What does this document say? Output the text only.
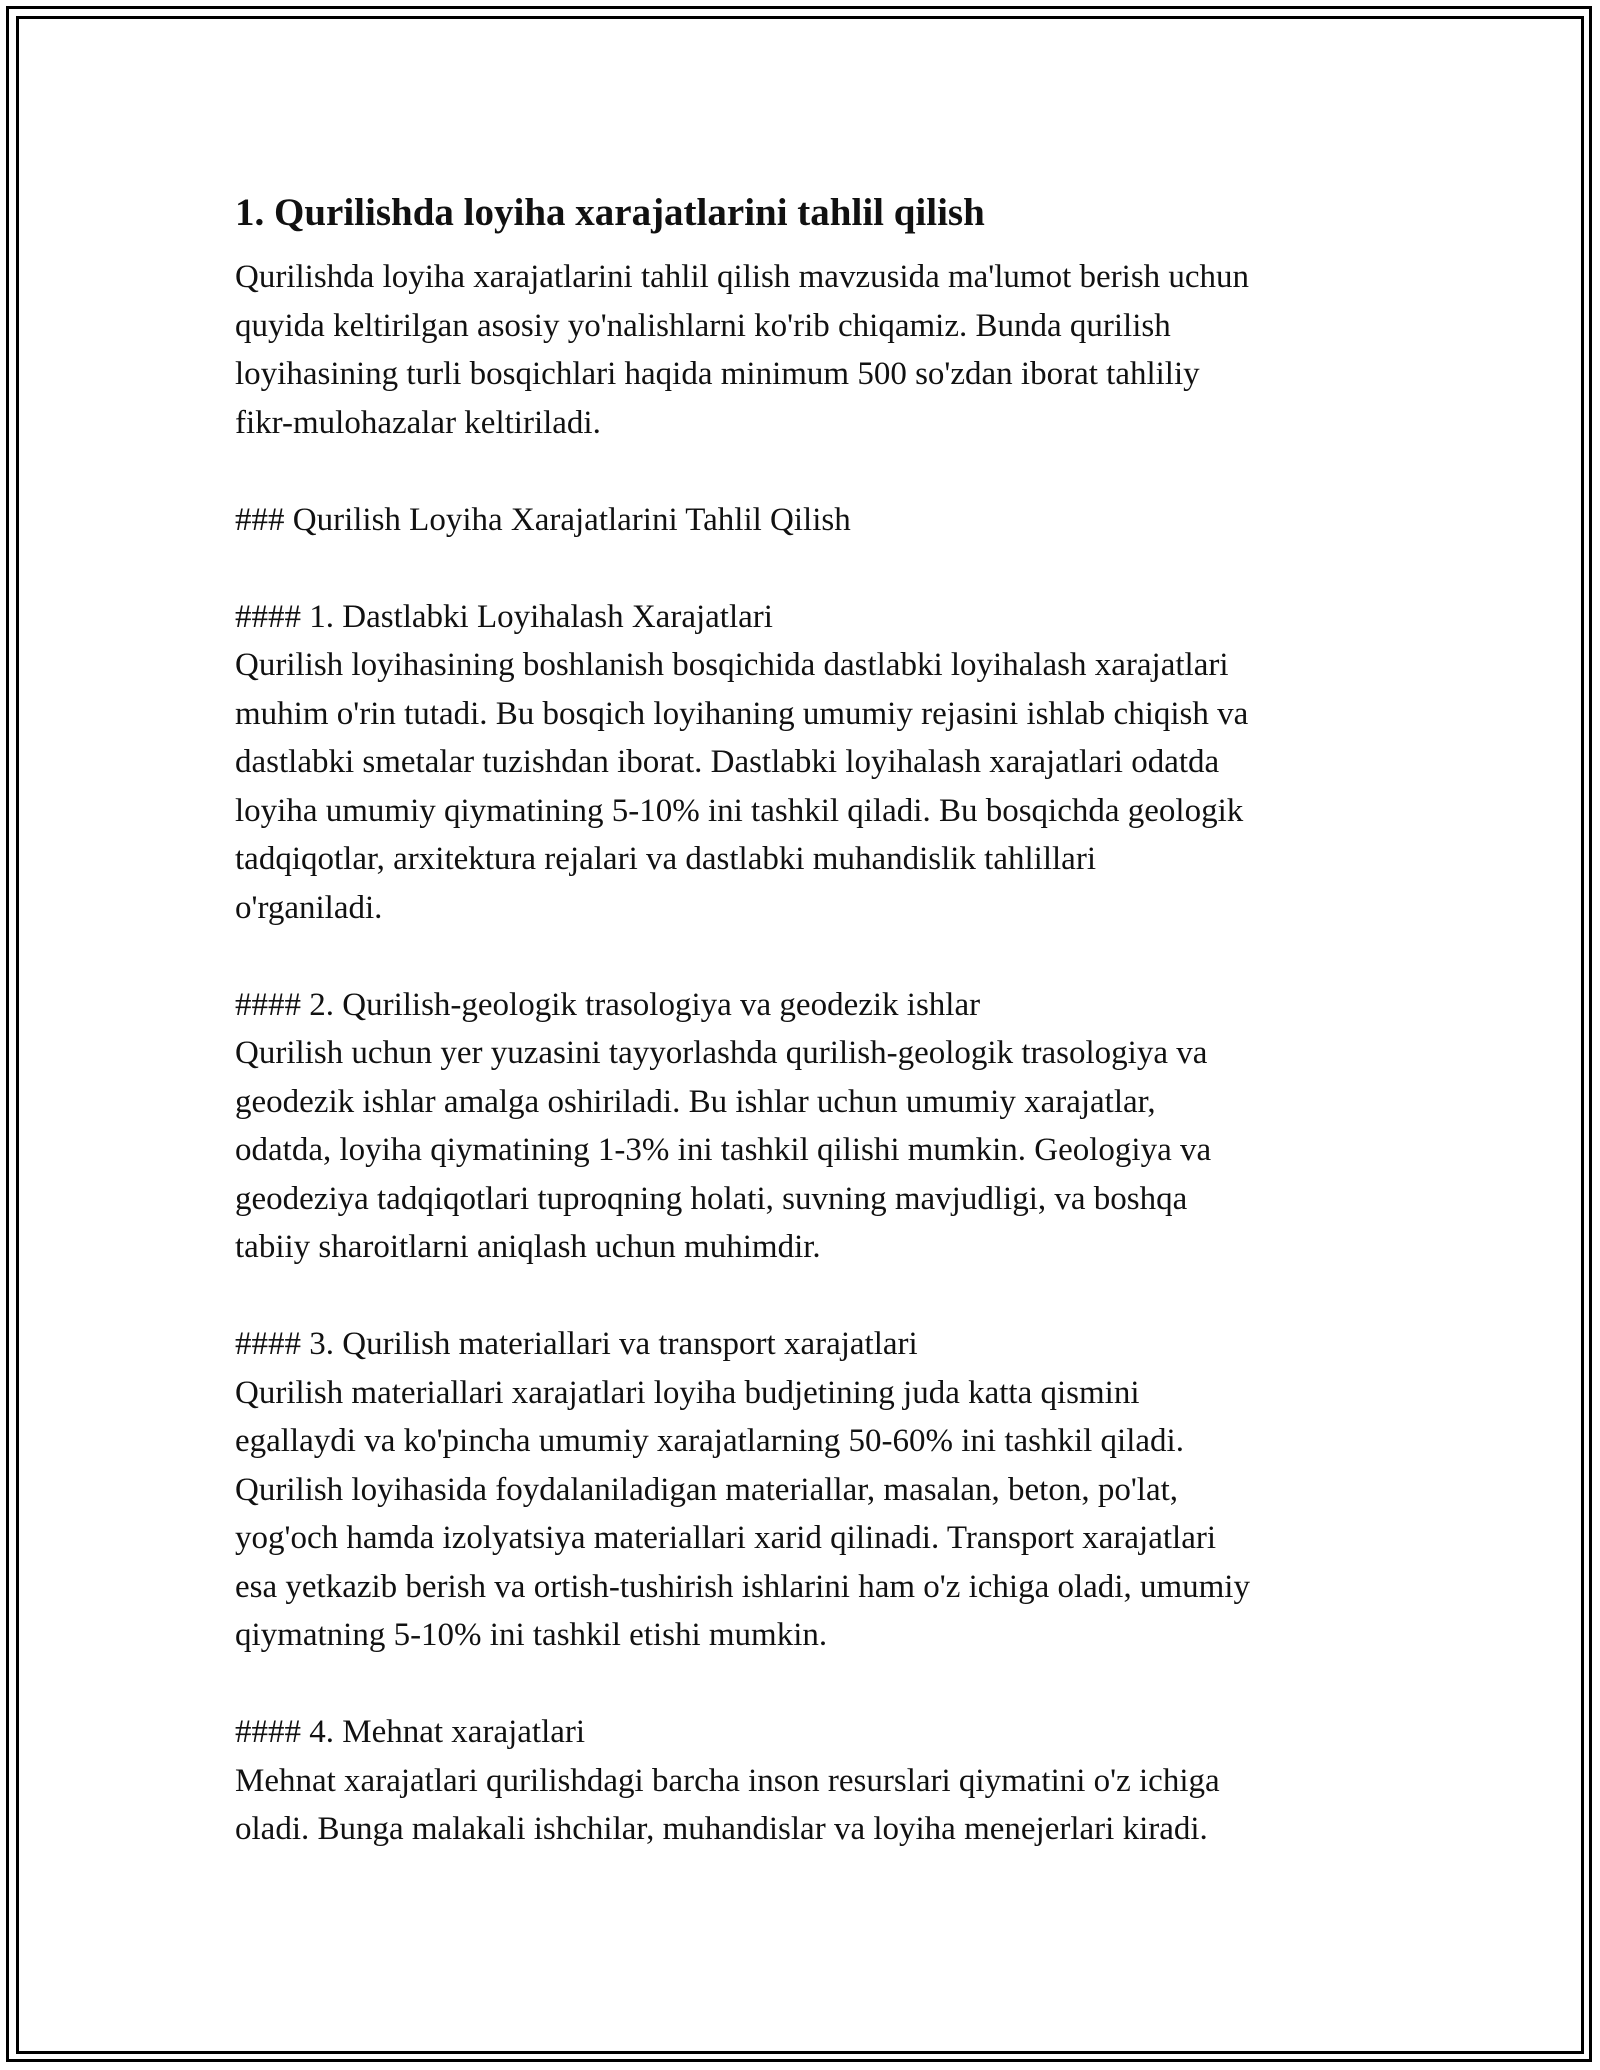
1. Qurilishda loyiha xarajatlarini tahlil qilish

Qurilishda loyiha xarajatlarini tahlil qilish mavzusida ma'lumot berish uchun
quyida keltirilgan asosiy yo'nalishlarni ko'rib chiqamiz. Bunda qurilish
loyihasining turli bosqichlari haqida minimum 500 so'zdan iborat tahliliy
fikr-mulohazalar keltiriladi.

### Qurilish Loyiha Xarajatlarini Tahlil Qilish

#### 1. Dastlabki Loyihalash Xarajatlari

Qurilish loyihasining boshlanish bosqichida dastlabki loyihalash xarajatlari
muhim o'rin tutadi. Bu bosqich loyihaning umumiy rejasini ishlab chiqish va
dastlabki smetalar tuzishdan iborat. Dastlabki loyihalash xarajatlari odatda
loyiha umumiy qiymatining 5-10% ini tashkil qiladi. Bu bosqichda geologik
tadqiqotlar, arxitektura rejalari va dastlabki muhandislik tahlillari
o'rganiladi.

#### 2. Qurilish-geologik trasologiya va geodezik ishlar

Qurilish uchun yer yuzasini tayyorlashda qurilish-geologik trasologiya va
geodezik ishlar amalga oshiriladi. Bu ishlar uchun umumiy xarajatlar,
odatda, loyiha qiymatining 1-3% ini tashkil qilishi mumkin. Geologiya va
geodeziya tadqiqotlari tuproqning holati, suvning mavjudligi, va boshqa
tabiiy sharoitlarni aniqlash uchun muhimdir.

#### 3. Qurilish materiallari va transport xarajatlari

Qurilish materiallari xarajatlari loyiha budjetining juda katta qismini
egallaydi va ko'pincha umumiy xarajatlarning 50-60% ini tashkil qiladi.
Qurilish loyihasida foydalaniladigan materiallar, masalan, beton, po'lat,
yog'och hamda izolyatsiya materiallari xarid qilinadi. Transport xarajatlari
esa yetkazib berish va ortish-tushirish ishlarini ham o'z ichiga oladi, umumiy
qiymatning 5-10% ini tashkil etishi mumkin.

#### 4. Mehnat xarajatlari

Mehnat xarajatlari qurilishdagi barcha inson resurslari qiymatini o'z ichiga
oladi. Bunga malakali ishchilar, muhandislar va loyiha menejerlari kiradi.
